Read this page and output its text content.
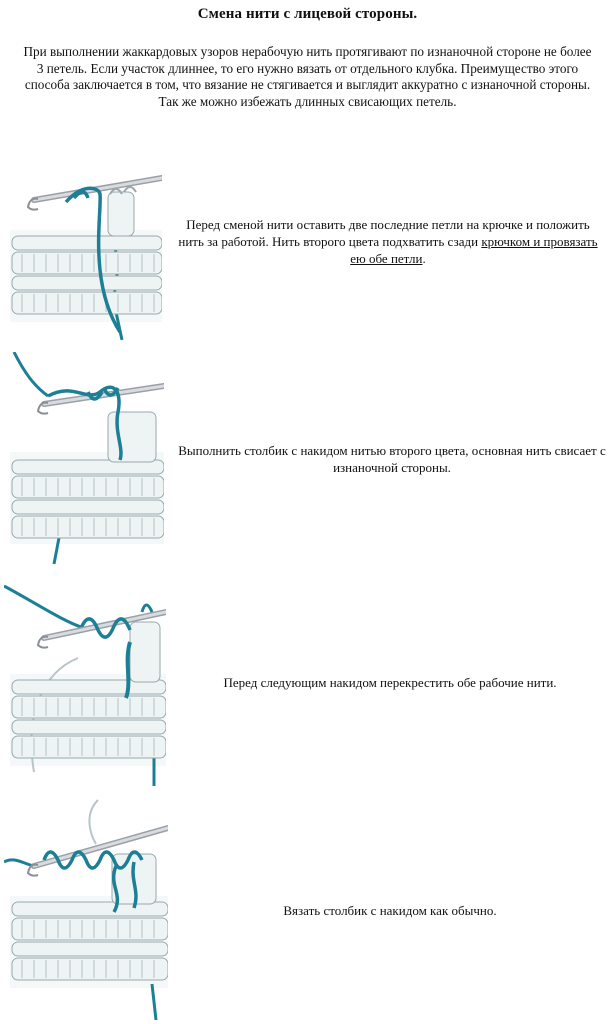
Смена нити с лицевой стороны.
При выполнении жаккардовых узоров нерабочую нить протягивают по изнаночной стороне не более 3 петель. Если участок длиннее, то его нужно вязать от отдельного клубка. Преимущество этого способа заключается в том, что вязание не стягивается и выглядит аккуратно с изнаночной стороны. Так же можно избежать длинных свисающих петель.
Перед сменой нити оставить две последние петли на крючке и положить нить за работой. Нить второго цвета подхватить сзади крючком и провязать ею обе петли.
Выполнить столбик с накидом нитью второго цвета, основная нить свисает с изнаночной стороны.
Перед следующим накидом перекрестить обе рабочие нити.
Вязать столбик с накидом как обычно.
